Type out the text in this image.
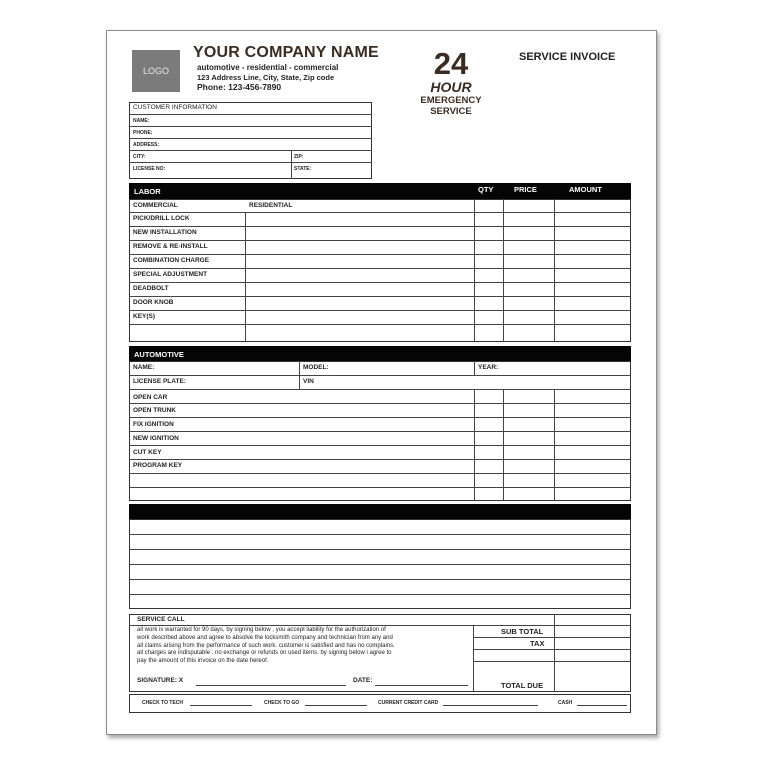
LOGO
YOUR COMPANY NAME
automotive - residential - commercial
123 Address Line, City, State, Zip code
Phone: 123-456-7890
24
HOUR
EMERGENCY
SERVICE
SERVICE INVOICE
CUSTOMER INFORMATION
NAME:
PHONE:
ADDRESS:
CITY:	ZIP:
LICENSE NO:	STATE:
LABOR	QTY	PRICE	AMOUNT
COMMERCIAL	RESIDENTIAL
PICK/DRILL LOCK
NEW INSTALLATION
REMOVE & RE-INSTALL
COMBINATION CHARGE
SPECIAL ADJUSTMENT
DEADBOLT
DOOR KNOB
KEY(S)
AUTOMOTIVE
NAME:	MODEL:	YEAR:
LICENSE PLATE:	VIN
OPEN CAR
OPEN TRUNK
FIX IGNITION
NEW IGNITION
CUT KEY
PROGRAM KEY
SERVICE CALL
all work is warranted for 90 days, by signing below , you accept liability for the authorization of
work described above and agree to absolve the locksmith company and technician from any and
all claims arising from the performance of such work. customer is satisfied and has no complains.
all charges are indisputable . no exchange or refunds on used items. by signing below i agree to
pay the amount of this invoice on the date hereof.
SIGNATURE: X	DATE:
SUB TOTAL
TAX
TOTAL DUE
CHECK TO TECH	CHECK TO GO	CURRENT CREDIT CARD	CASH
